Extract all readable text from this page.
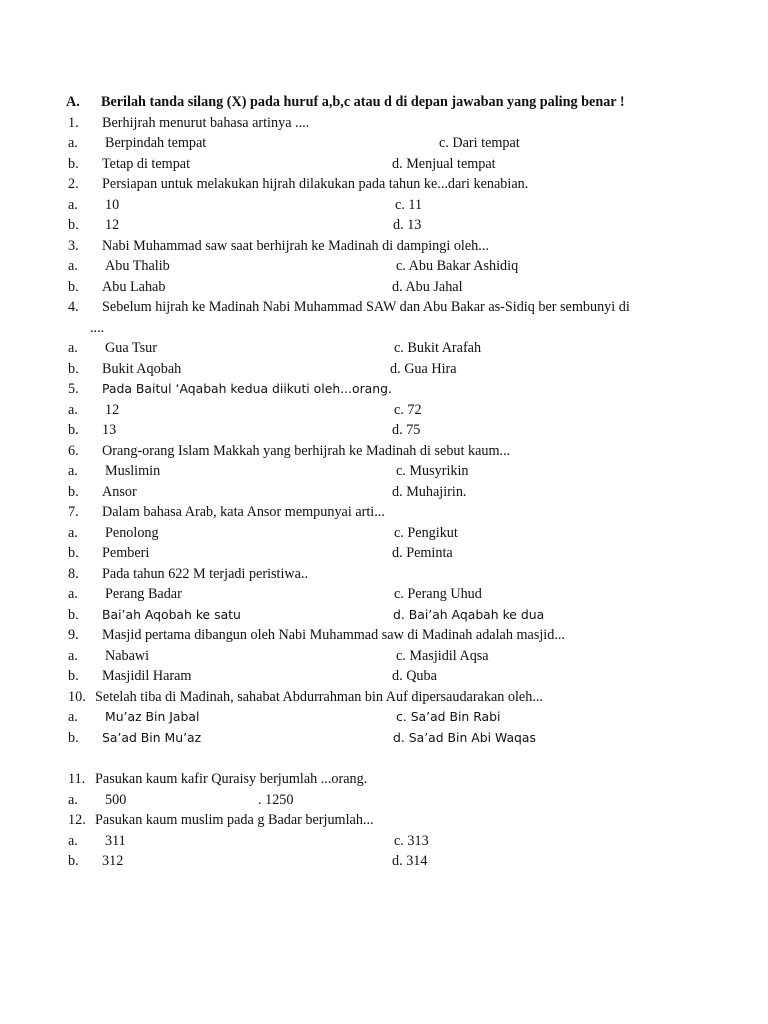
A. Berilah tanda silang (X) pada huruf a,b,c atau d di depan jawaban yang paling benar !
1. Berhijrah menurut bahasa artinya ....
a. Berpindah tempat	c. Dari tempat
b. Tetap di tempat	d. Menjual tempat
2. Persiapan untuk melakukan hijrah dilakukan pada tahun ke...dari kenabian.
a. 10	c. 11
b. 12	d. 13
3. Nabi Muhammad saw saat berhijrah ke Madinah di dampingi oleh...
a. Abu Thalib	c. Abu Bakar Ashidiq
b. Abu Lahab	d. Abu Jahal
4. Sebelum hijrah ke Madinah Nabi Muhammad SAW dan Abu Bakar as-Sidiq ber sembunyi di
....
a. Gua Tsur	c. Bukit Arafah
b. Bukit Aqobah	d. Gua Hira
5. Pada Baitul ‘Aqabah kedua diikuti oleh...orang.
a. 12	c. 72
b. 13	d. 75
6. Orang-orang Islam Makkah yang berhijrah ke Madinah di sebut kaum...
a. Muslimin	c. Musyrikin
b. Ansor	d. Muhajirin.
7. Dalam bahasa Arab, kata Ansor mempunyai arti...
a. Penolong	c. Pengikut
b. Pemberi	d. Peminta
8. Pada tahun 622 M terjadi peristiwa..
a. Perang Badar	c. Perang Uhud
b. Bai’ah Aqobah ke satu	d. Bai’ah Aqabah ke dua
9. Masjid pertama dibangun oleh Nabi Muhammad saw di Madinah adalah masjid...
a. Nabawi	c. Masjidil Aqsa
b. Masjidil Haram	d. Quba
10. Setelah tiba di Madinah, sahabat Abdurrahman bin Auf dipersaudarakan oleh...
a. Mu’az Bin Jabal	c. Sa’ad Bin Rabi
b. Sa’ad Bin Mu’az	d. Sa’ad Bin Abi Waqas
11. Pasukan kaum kafir Quraisy berjumlah ...orang.
a. 500	. 1250
12. Pasukan kaum muslim pada g Badar berjumlah...
a. 311	c. 313
b. 312	d. 314
